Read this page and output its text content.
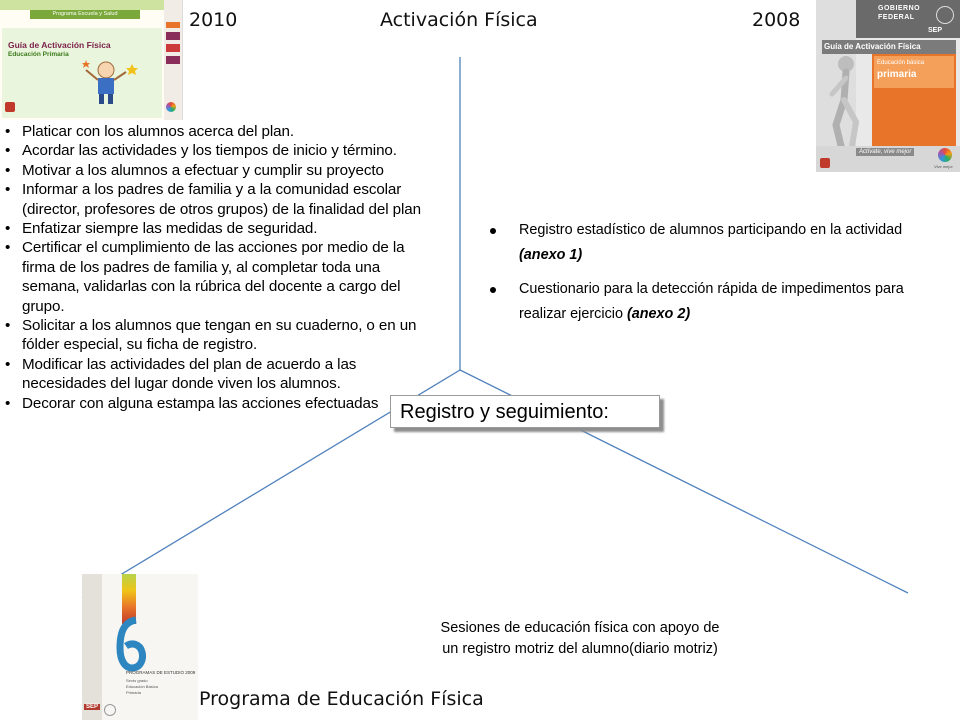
2010	Activación Física	2008
Programa Escuela y Salud
Guía de Activación Física
Educación Primaria
GOBIERNO
FEDERAL
SEP
Guía de Activación Física
Educación básica
primaria
Actívate, vive mejor
Vive mejor
• Platicar con los alumnos acerca del plan.
• Acordar las actividades y los tiempos de inicio y término.
• Motivar a los alumnos a efectuar y cumplir su proyecto
• Informar a los padres de familia y a la comunidad escolar (director, profesores de otros grupos) de la finalidad del plan
• Enfatizar siempre las medidas de seguridad.
• Certificar el cumplimiento de las acciones por medio de la firma de los padres de familia y, al completar toda una semana, validarlas con la rúbrica del docente a cargo del grupo.
• Solicitar a los alumnos que tengan en su cuaderno, o en un fólder especial, su ficha de registro.
• Modificar las actividades del plan de acuerdo a las necesidades del lugar donde viven los alumnos.
• Decorar con alguna estampa las acciones efectuadas
Registro estadístico de alumnos participando en la actividad (anexo 1)
Cuestionario para la detección rápida de impedimentos para realizar ejercicio (anexo 2)
Registro y seguimiento:
Sesiones de educación física con apoyo de
un registro motriz del alumno(diario motriz)
PROGRAMAS DE ESTUDIO 2009
Sexto grado
Educación Básica
Primaria
SEP	Programa de Educación Física
